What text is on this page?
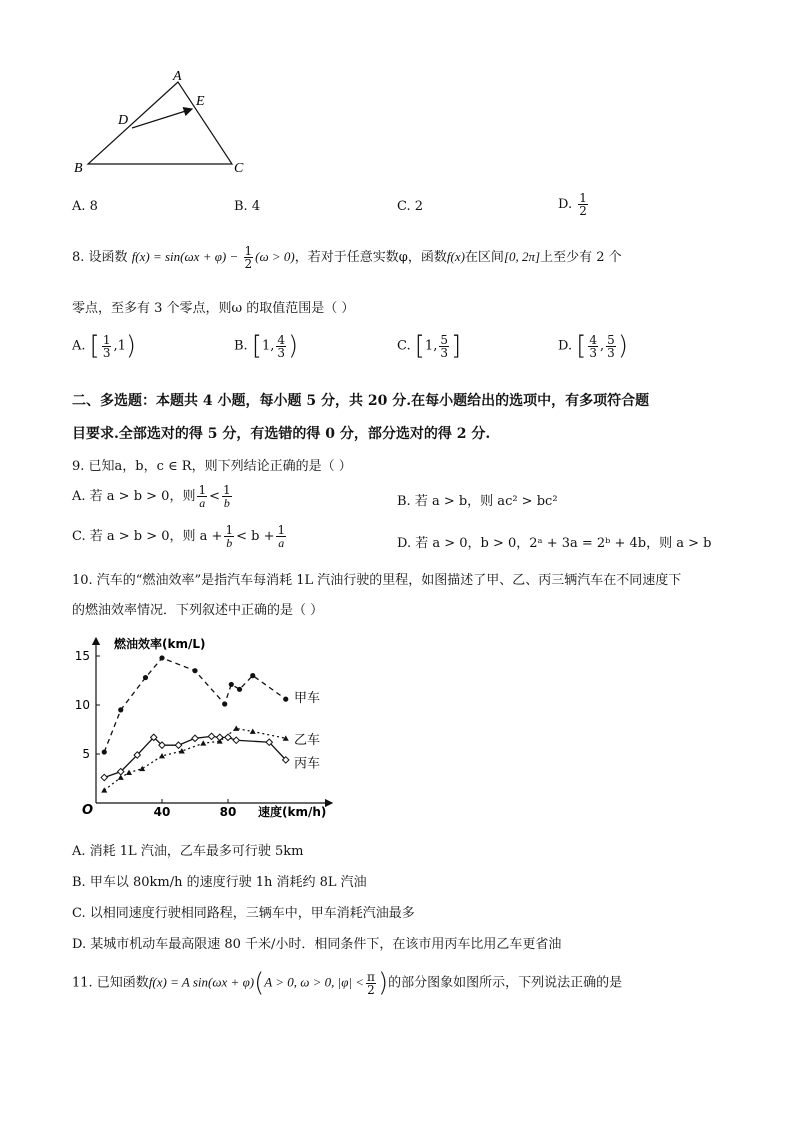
A
E
D
B	C
A. 8	B. 4	C. 2	D. $\frac{1}{2}$
8. 设函数 $f(x) = \sin(\omega x + \varphi) - \frac{1}{2} (\omega > 0)$，若对于任意实数φ，函数f(x)在区间[0, 2π]上至少有 2 个
零点，至多有 3 个零点，则ω 的取值范围是（ ）
A. [ $\frac{1}{3} ,1$)	B. [1, $\frac{4}{3}$ )	C. [1, $\frac{5}{3}$ ]	D. [ $\frac{4}{3}$ , $\frac{5}{3}$ )
二、多选题：本题共 4 小题，每小题 5 分，共 20 分.在每小题给出的选项中，有多项符合题
目要求.全部选对的得 5 分，有选错的得 0 分，部分选对的得 2 分.
9. 已知a，b，c ∈ R，则下列结论正确的是（ ）
A. 若 a > b > 0，则 $\frac{1}{a} < \frac{1}{b}$	B. 若 a > b，则 ac² > bc²
C. 若 a > b > 0，则 $a + \frac{1}{b} < b + \frac{1}{a}$	D. 若 a > 0，b > 0，2ᵃ + 3a = 2ᵇ + 4b，则 a > b
10. 汽车的“燃油效率”是指汽车每消耗 1L 汽油行驶的里程，如图描述了甲、乙、丙三辆汽车在不同速度下
的燃油效率情况．下列叙述中正确的是（ ）
燃油效率(km/L)
速度(km/h)
O
5
10
15
40	80
甲车
乙车
丙车
A. 消耗 1L 汽油，乙车最多可行驶 5km
B. 甲车以 80km/h 的速度行驶 1h 消耗约 8L 汽油
C. 以相同速度行驶相同路程，三辆车中，甲车消耗汽油最多
D. 某城市机动车最高限速 80 千米/小时．相同条件下，在该市用丙车比用乙车更省油
11. 已知函数f(x) = A sin(ωx + φ)(A > 0, ω > 0, $|\varphi| < \frac{\pi}{2}$ )的部分图象如图所示，下列说法正确的是
